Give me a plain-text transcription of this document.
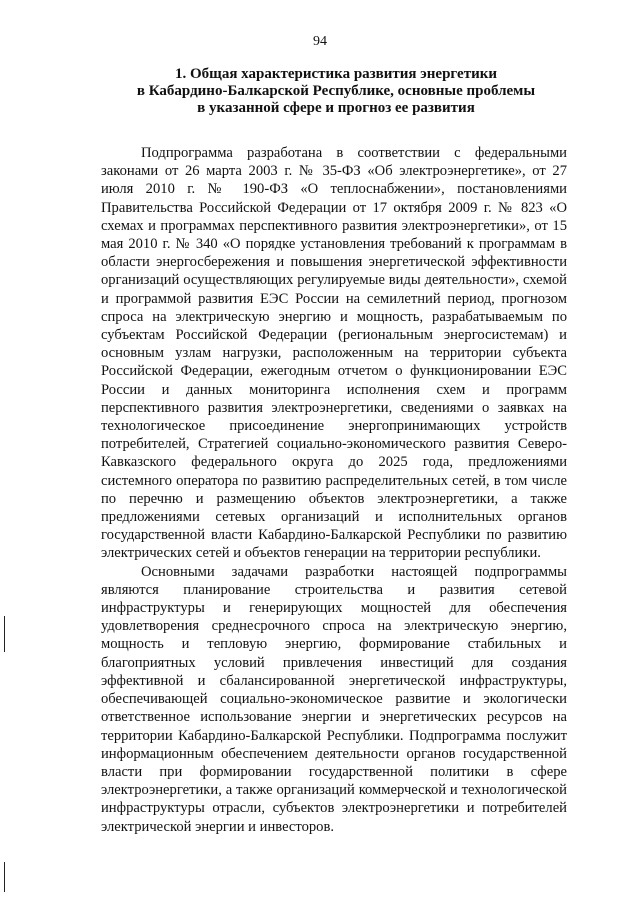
94
1. Общая характеристика развития энергетики
в Кабардино-Балкарской Республике, основные проблемы
в указанной сфере и прогноз ее развития

Подпрограмма разработана в соответствии с федеральными законами от 26 марта 2003 г. № 35-ФЗ «Об электроэнергетике», от 27 июля 2010 г. № 190-ФЗ «О теплоснабжении», постановлениями Правительства Российской Федерации от 17 октября 2009 г. № 823 «О схемах и программах перспективного развития электроэнергетики», от 15 мая 2010 г. № 340 «О порядке установления требований к программам в области энергосбережения и повышения энергетической эффективности организаций осуществляющих регулируемые виды деятельности», схемой и программой развития ЕЭС России на семилетний период, прогнозом спроса на электрическую энергию и мощность, разрабатываемым по субъектам Российской Федерации (региональным энергосистемам) и основным узлам нагрузки, расположенным на территории субъекта Российской Федерации, ежегодным отчетом о функционировании ЕЭС России и данных мониторинга исполнения схем и программ перспективного развития электроэнергетики, сведениями о заявках на технологическое присоединение энергопринимающих устройств потребителей, Стратегией социально-экономического развития Северо-Кавказского федерального округа до 2025 года, предложениями системного оператора по развитию распределительных сетей, в том числе по перечню и размещению объектов электроэнергетики, а также предложениями сетевых организаций и исполнительных органов государственной власти Кабардино-Балкарской Республики по развитию электрических сетей и объектов генерации на территории республики.

Основными задачами разработки настоящей подпрограммы являются планирование строительства и развития сетевой инфраструктуры и генерирующих мощностей для обеспечения удовлетворения среднесрочного спроса на электрическую энергию, мощность и тепловую энергию, формирование стабильных и благоприятных условий привлечения инвестиций для создания эффективной и сбалансированной энергетической инфраструктуры, обеспечивающей социально-экономическое развитие и экологически ответственное использование энергии и энергетических ресурсов на территории Кабардино-Балкарской Республики. Подпрограмма послужит информационным обеспечением деятельности органов государственной власти при формировании государственной политики в сфере электроэнергетики, а также организаций коммерческой и технологической инфраструктуры отрасли, субъектов электроэнергетики и потребителей электрической энергии и инвесторов.
